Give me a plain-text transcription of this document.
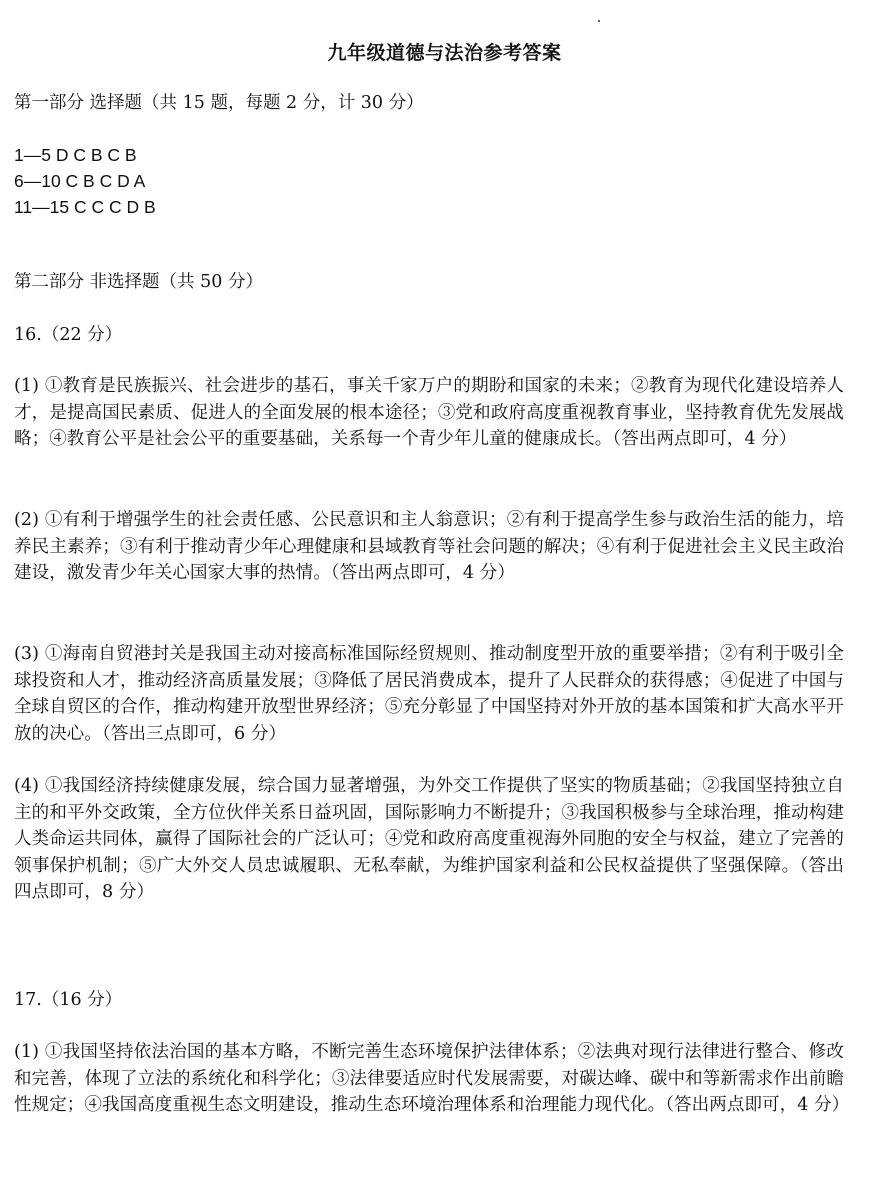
九年级道德与法治参考答案
第一部分 选择题（共 15 题，每题 2 分，计 30 分）
1—5 D C B C B
6—10 C B C D A
11—15 C C C D B
第二部分 非选择题（共 50 分）
16.（22 分）
(1) ①教育是民族振兴、社会进步的基石，事关千家万户的期盼和国家的未来；②教育为现代化建设培养人才，是提高国民素质、促进人的全面发展的根本途径；③党和政府高度重视教育事业，坚持教育优先发展战略；④教育公平是社会公平的重要基础，关系每一个青少年儿童的健康成长。（答出两点即可，4 分）
(2) ①有利于增强学生的社会责任感、公民意识和主人翁意识；②有利于提高学生参与政治生活的能力，培养民主素养；③有利于推动青少年心理健康和县域教育等社会问题的解决；④有利于促进社会主义民主政治建设，激发青少年关心国家大事的热情。（答出两点即可，4 分）
(3) ①海南自贸港封关是我国主动对接高标准国际经贸规则、推动制度型开放的重要举措；②有利于吸引全球投资和人才，推动经济高质量发展；③降低了居民消费成本，提升了人民群众的获得感；④促进了中国与全球自贸区的合作，推动构建开放型世界经济；⑤充分彰显了中国坚持对外开放的基本国策和扩大高水平开放的决心。（答出三点即可，6 分）
(4) ①我国经济持续健康发展，综合国力显著增强，为外交工作提供了坚实的物质基础；②我国坚持独立自主的和平外交政策，全方位伙伴关系日益巩固，国际影响力不断提升；③我国积极参与全球治理，推动构建人类命运共同体，赢得了国际社会的广泛认可；④党和政府高度重视海外同胞的安全与权益，建立了完善的领事保护机制；⑤广大外交人员忠诚履职、无私奉献，为维护国家利益和公民权益提供了坚强保障。（答出四点即可，8 分）
17.（16 分）
(1) ①我国坚持依法治国的基本方略，不断完善生态环境保护法律体系；②法典对现行法律进行整合、修改和完善，体现了立法的系统化和科学化；③法律要适应时代发展需要，对碳达峰、碳中和等新需求作出前瞻性规定；④我国高度重视生态文明建设，推动生态环境治理体系和治理能力现代化。（答出两点即可，4 分）
